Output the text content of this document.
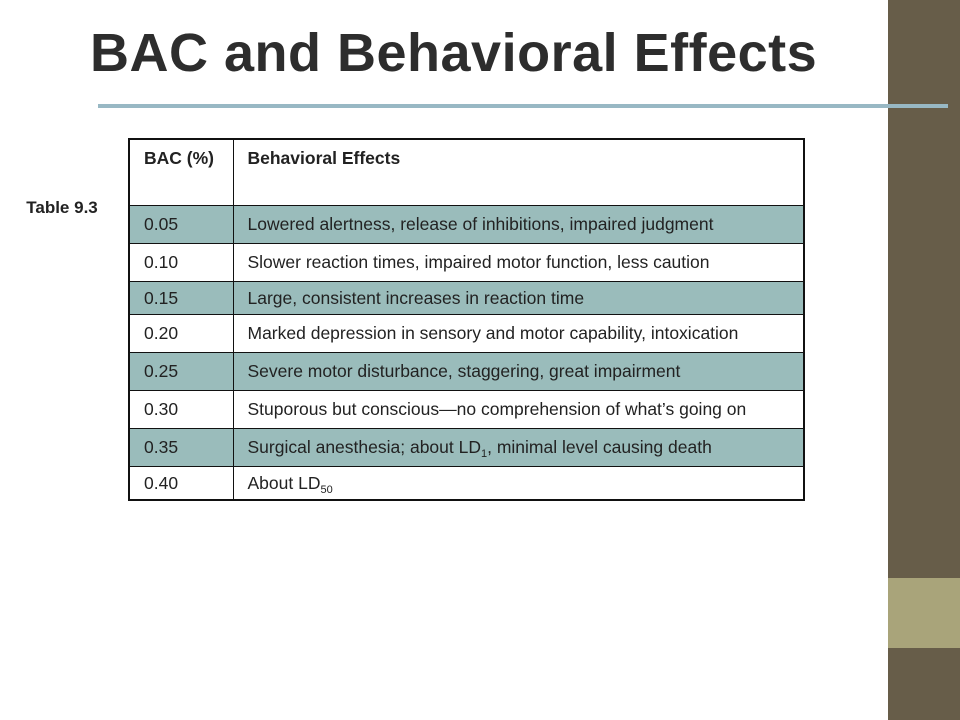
BAC and Behavioral Effects
Table 9.3
BAC (%)	Behavioral Effects
0.05	Lowered alertness, release of inhibitions, impaired judgment
0.10	Slower reaction times, impaired motor function, less caution
0.15	Large, consistent increases in reaction time
0.20	Marked depression in sensory and motor capability, intoxication
0.25	Severe motor disturbance, staggering, great impairment
0.30	Stuporous but conscious—no comprehension of what’s going on
0.35	Surgical anesthesia; about $LD_1$, minimal level causing death
0.40	About $LD_{50}$
